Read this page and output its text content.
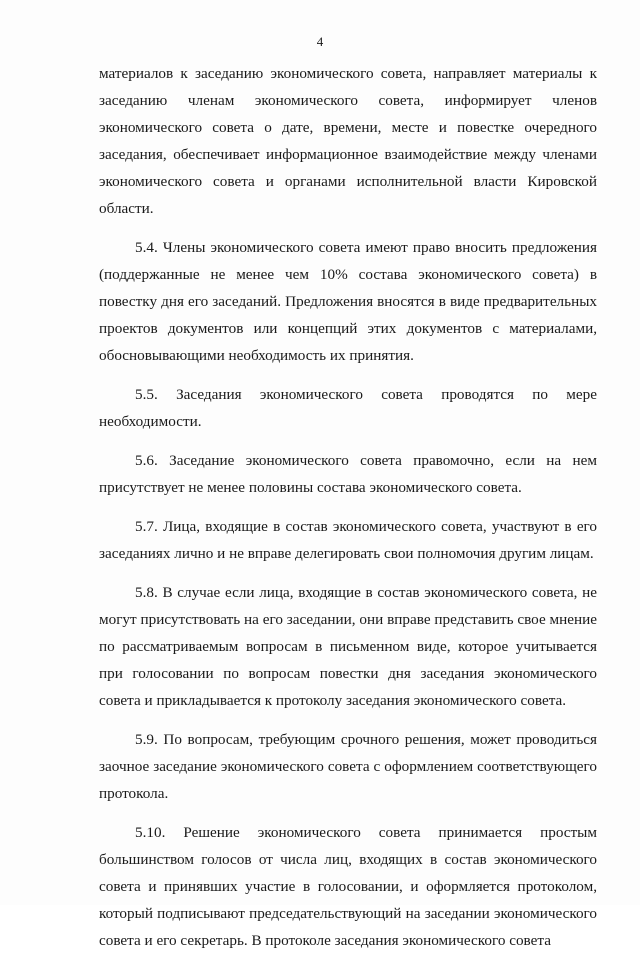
4

материалов к заседанию экономического совета, направляет материалы к заседанию членам экономического совета, информирует членов экономического совета о дате, времени, месте и повестке очередного заседания, обеспечивает информационное взаимодействие между членами экономического совета и органами исполнительной власти Кировской области.

5.4. Члены экономического совета имеют право вносить предложения (поддержанные не менее чем 10% состава экономического совета) в повестку дня его заседаний. Предложения вносятся в виде предварительных проектов документов или концепций этих документов с материалами, обосновывающими необходимость их принятия.

5.5. Заседания экономического совета проводятся по мере необходимости.

5.6. Заседание экономического совета правомочно, если на нем присутствует не менее половины состава экономического совета.

5.7. Лица, входящие в состав экономического совета, участвуют в его заседаниях лично и не вправе делегировать свои полномочия другим лицам.

5.8. В случае если лица, входящие в состав экономического совета, не могут присутствовать на его заседании, они вправе представить свое мнение по рассматриваемым вопросам в письменном виде, которое учитывается при голосовании по вопросам повестки дня заседания экономического совета и прикладывается к протоколу заседания экономического совета.

5.9. По вопросам, требующим срочного решения, может проводиться заочное заседание экономического совета с оформлением соответствующего протокола.

5.10. Решение экономического совета принимается простым большинством голосов от числа лиц, входящих в состав экономического совета и принявших участие в голосовании, и оформляется протоколом, который подписывают председательствующий на заседании экономического совета и его секретарь. В протоколе заседания экономического совета
